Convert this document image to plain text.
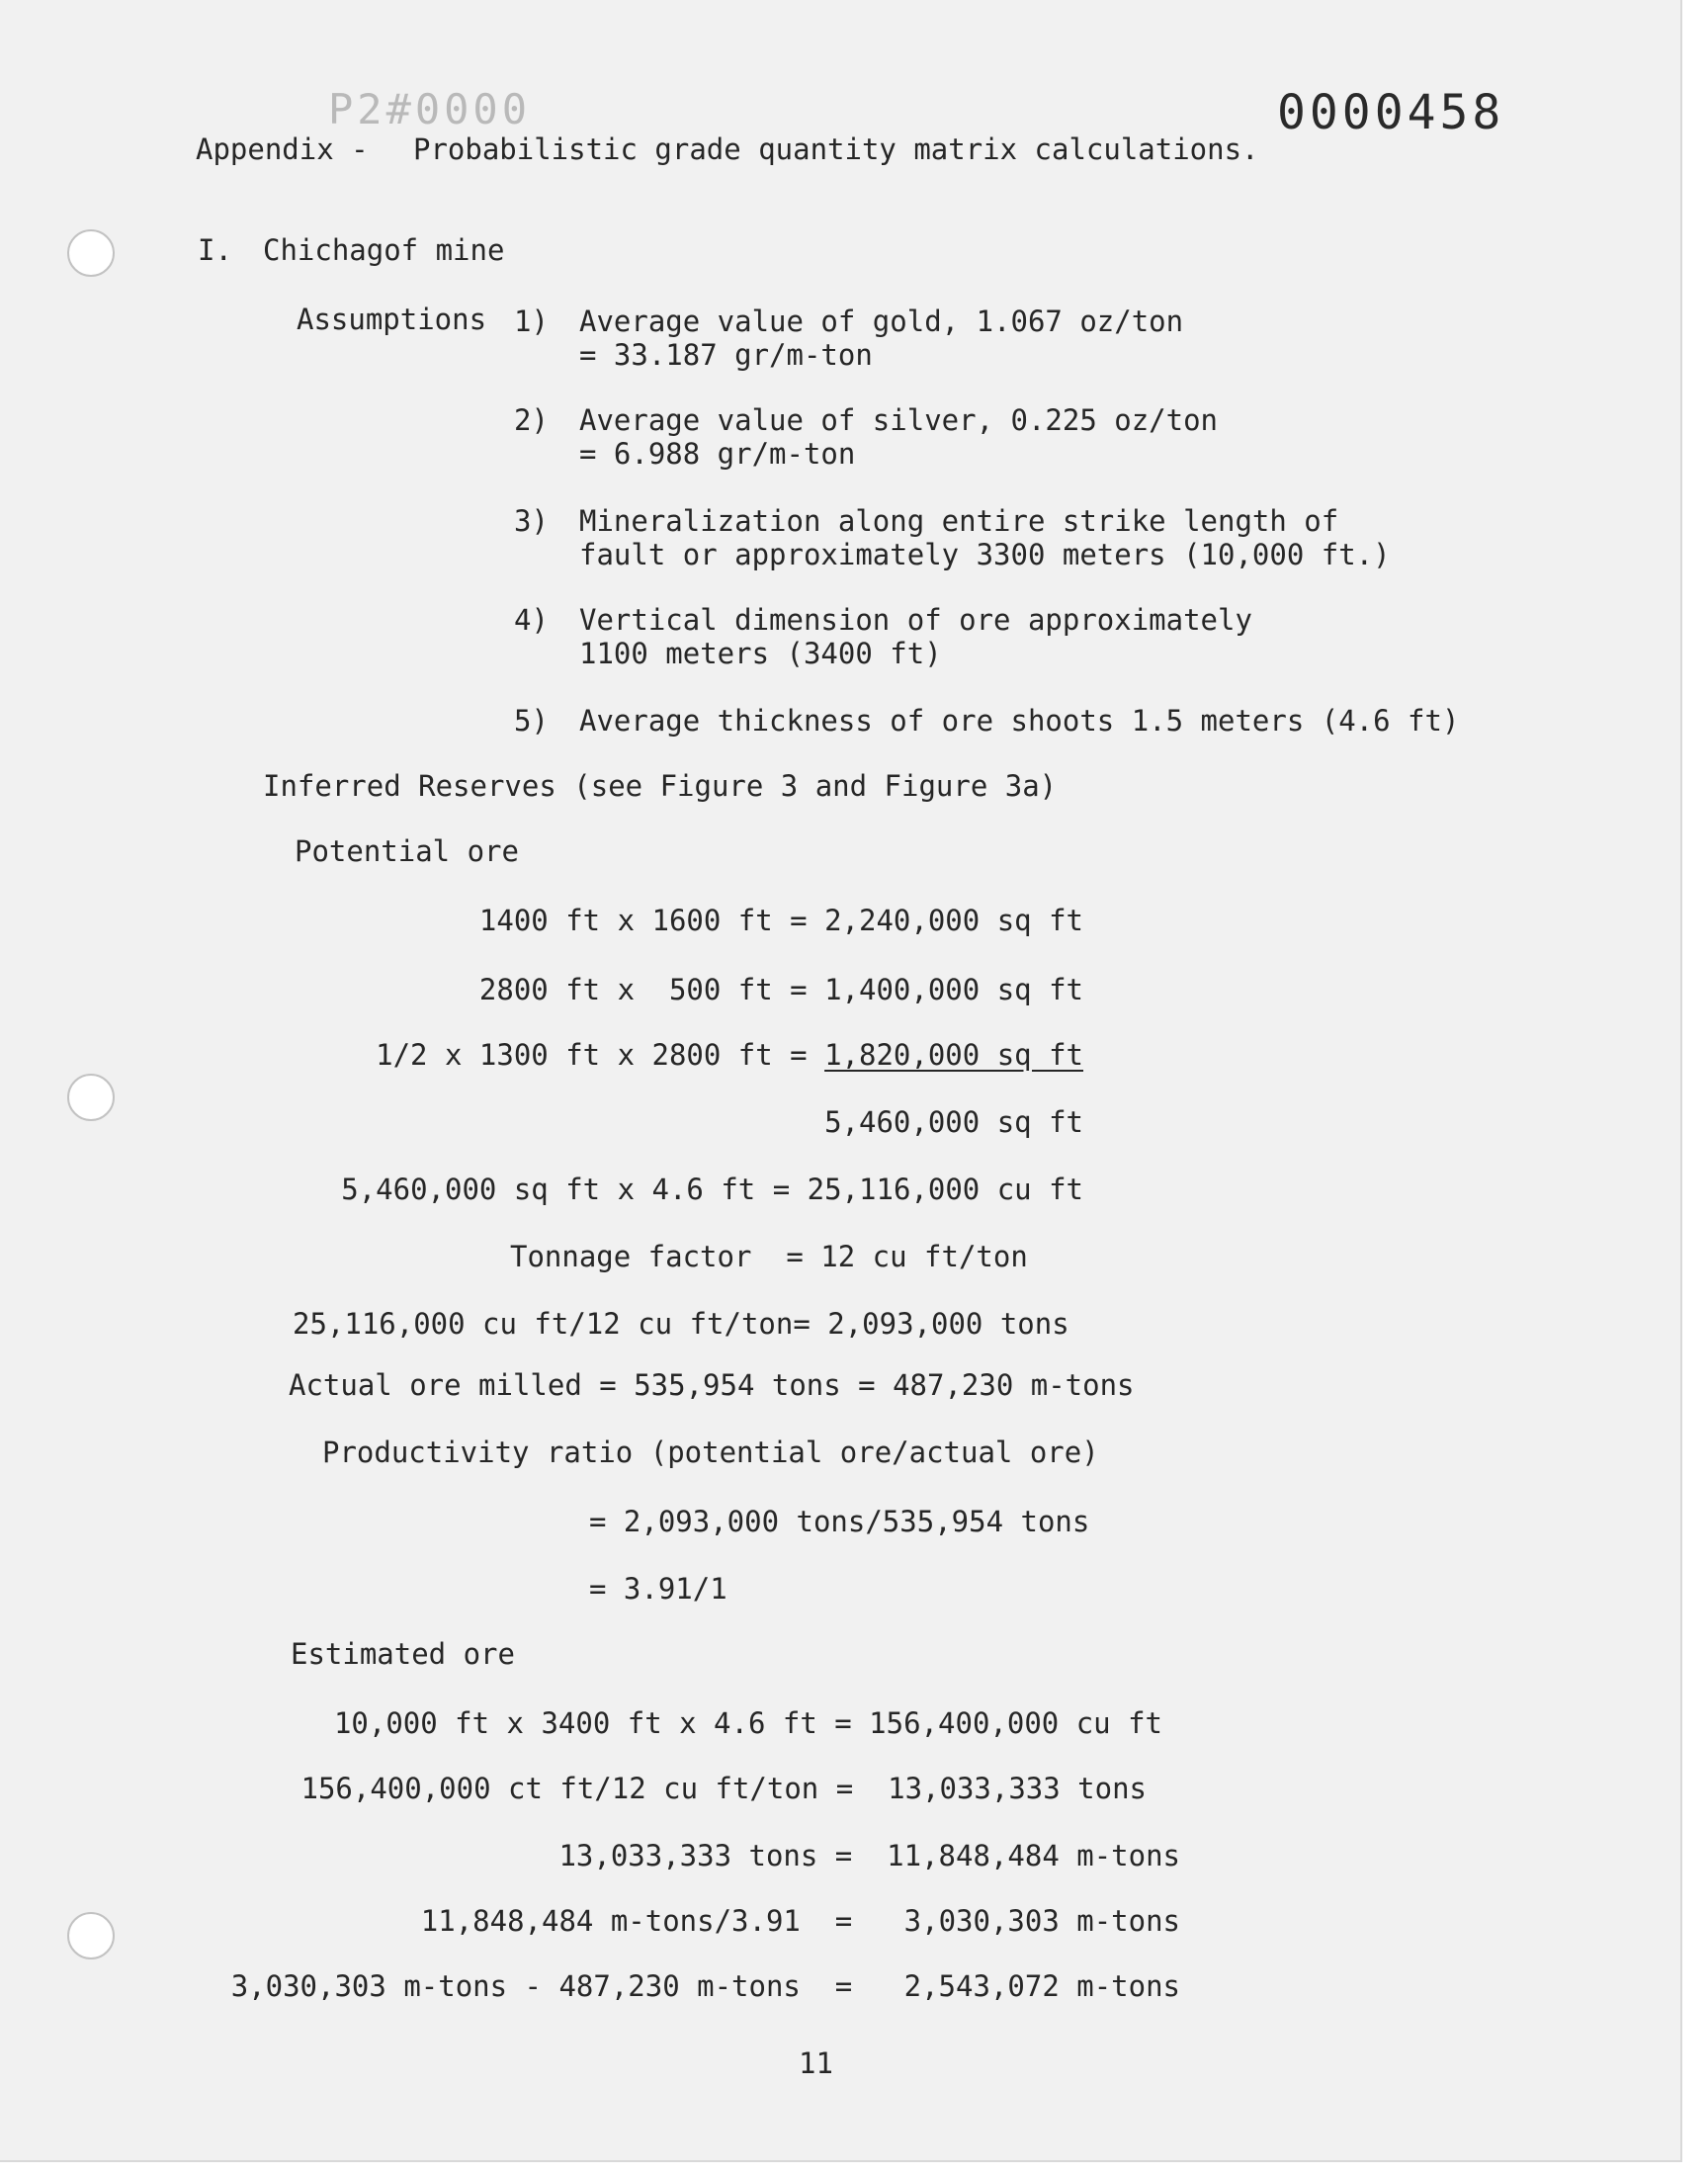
P2#0000	0000458
Appendix - Probabilistic grade quantity matrix calculations.
I. Chichagof mine
Assumptions 1) Average value of gold, 1.067 oz/ton
= 33.187 gr/m-ton
2) Average value of silver, 0.225 oz/ton
= 6.988 gr/m-ton
3) Mineralization along entire strike length of
fault or approximately 3300 meters (10,000 ft.)
4) Vertical dimension of ore approximately
1100 meters (3400 ft)
5) Average thickness of ore shoots 1.5 meters (4.6 ft)
Inferred Reserves (see Figure 3 and Figure 3a)
Potential ore
1400 ft x 1600 ft = 2,240,000 sq ft
2800 ft x  500 ft = 1,400,000 sq ft
1/2 x 1300 ft x 2800 ft = 1,820,000 sq ft
5,460,000 sq ft
5,460,000 sq ft x 4.6 ft = 25,116,000 cu ft
Tonnage factor  = 12 cu ft/ton
25,116,000 cu ft/12 cu ft/ton= 2,093,000 tons
Actual ore milled = 535,954 tons = 487,230 m-tons
Productivity ratio (potential ore/actual ore)
= 2,093,000 tons/535,954 tons
= 3.91/1
Estimated ore
10,000 ft x 3400 ft x 4.6 ft = 156,400,000 cu ft
156,400,000 ct ft/12 cu ft/ton =  13,033,333 tons
13,033,333 tons =  11,848,484 m-tons
11,848,484 m-tons/3.91  =   3,030,303 m-tons
3,030,303 m-tons - 487,230 m-tons  =   2,543,072 m-tons
11
